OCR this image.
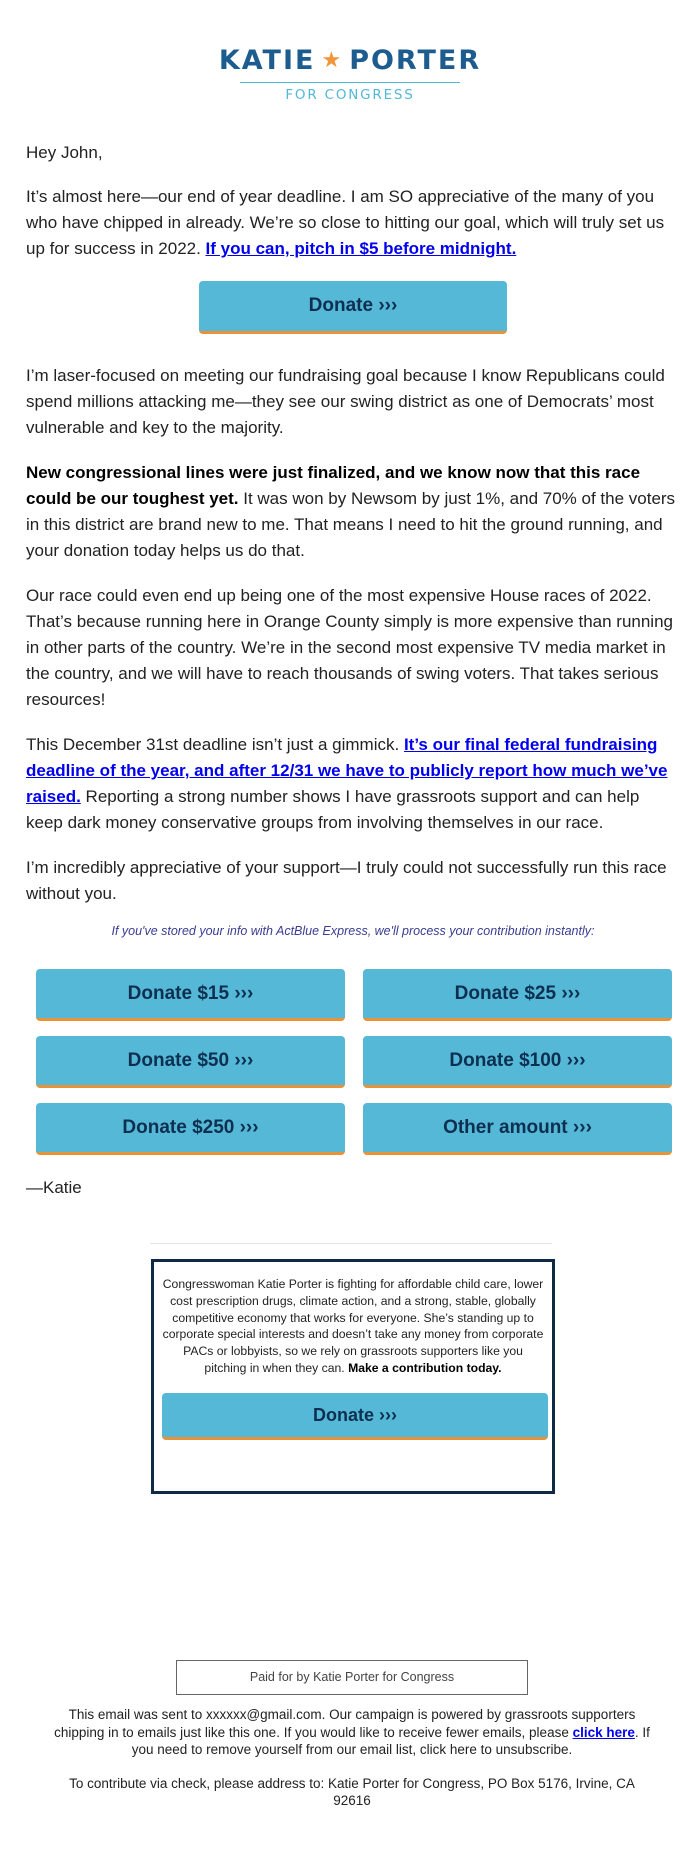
KATIE ★ PORTER
FOR CONGRESS

Hey John,

It’s almost here—our end of year deadline. I am SO appreciative of the many of you who have chipped in already. We’re so close to hitting our goal, which will truly set us up for success in 2022. If you can, pitch in $5 before midnight.

Donate ›››

I’m laser-focused on meeting our fundraising goal because I know Republicans could spend millions attacking me—they see our swing district as one of Democrats’ most vulnerable and key to the majority.

New congressional lines were just finalized, and we know now that this race could be our toughest yet. It was won by Newsom by just 1%, and 70% of the voters in this district are brand new to me. That means I need to hit the ground running, and your donation today helps us do that.

Our race could even end up being one of the most expensive House races of 2022. That’s because running here in Orange County simply is more expensive than running in other parts of the country. We’re in the second most expensive TV media market in the country, and we will have to reach thousands of swing voters. That takes serious resources!

This December 31st deadline isn’t just a gimmick. It’s our final federal fundraising deadline of the year, and after 12/31 we have to publicly report how much we’ve raised. Reporting a strong number shows I have grassroots support and can help keep dark money conservative groups from involving themselves in our race.

I’m incredibly appreciative of your support—I truly could not successfully run this race without you.

If you've stored your info with ActBlue Express, we'll process your contribution instantly:
Donate $15 ›››	Donate $25 ›››
Donate $50 ›››	Donate $100 ›››
Donate $250 ›››	Other amount ›››
—Katie

Congresswoman Katie Porter is fighting for affordable child care, lower cost prescription drugs, climate action, and a strong, stable, globally competitive economy that works for everyone. She’s standing up to corporate special interests and doesn’t take any money from corporate PACs or lobbyists, so we rely on grassroots supporters like you pitching in when they can. Make a contribution today.

Donate ›››
Paid for by Katie Porter for Congress

This email was sent to xxxxxx@gmail.com. Our campaign is powered by grassroots supporters chipping in to emails just like this one. If you would like to receive fewer emails, please click here. If you need to remove yourself from our email list, click here to unsubscribe.

To contribute via check, please address to: Katie Porter for Congress, PO Box 5176, Irvine, CA 92616
